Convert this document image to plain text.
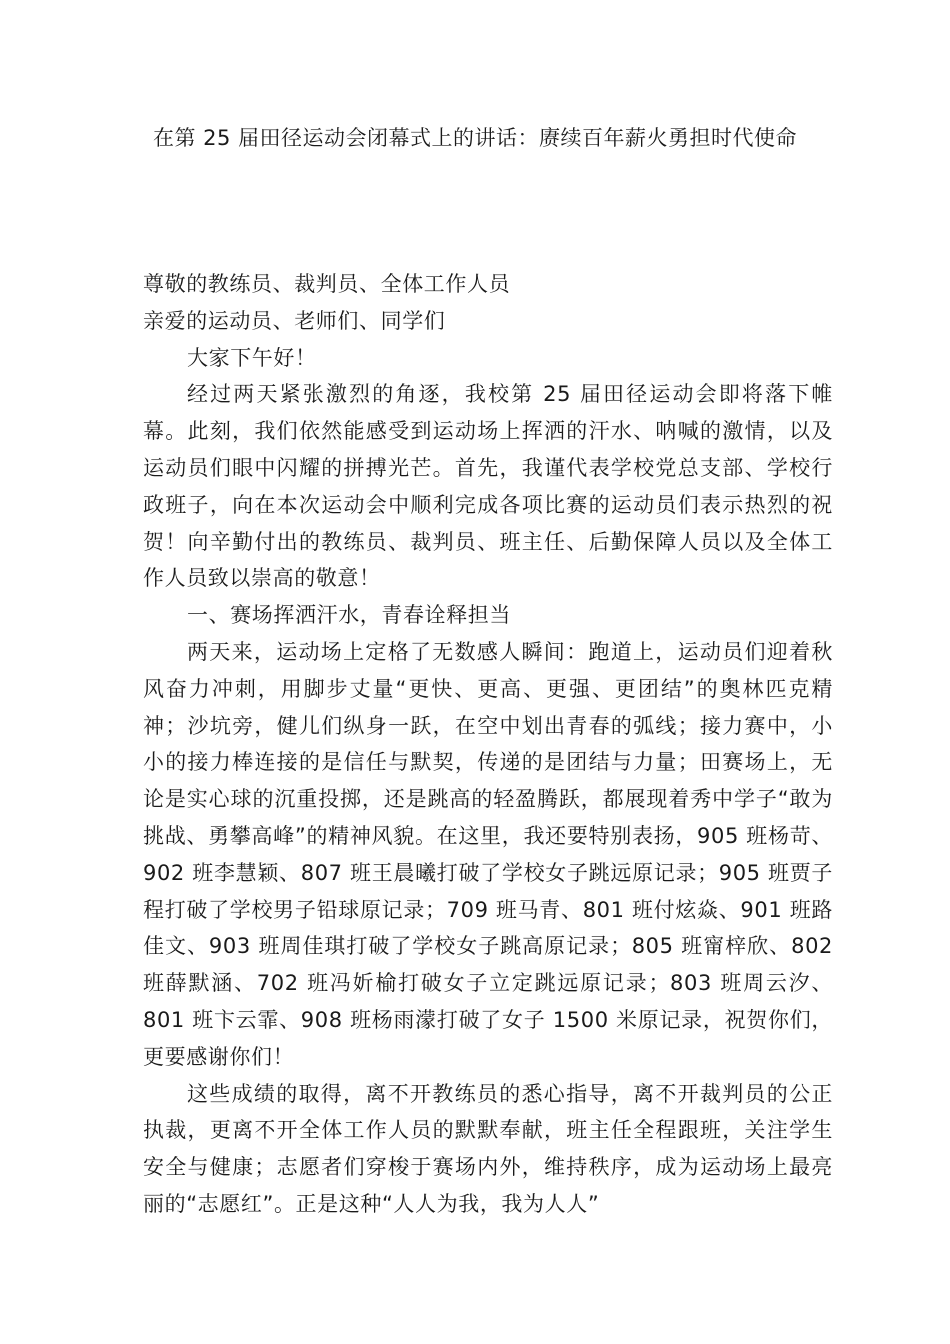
在第 25 届田径运动会闭幕式上的讲话：赓续百年薪火勇担时代使命

尊敬的教练员、裁判员、全体工作人员

亲爱的运动员、老师们、同学们

大家下午好！

经过两天紧张激烈的角逐，我校第 25 届田径运动会即将落下帷幕。此刻，我们依然能感受到运动场上挥洒的汗水、呐喊的激情，以及运动员们眼中闪耀的拼搏光芒。首先，我谨代表学校党总支部、学校行政班子，向在本次运动会中顺利完成各项比赛的运动员们表示热烈的祝贺！向辛勤付出的教练员、裁判员、班主任、后勤保障人员以及全体工作人员致以崇高的敬意！

一、赛场挥洒汗水，青春诠释担当

两天来，运动场上定格了无数感人瞬间：跑道上，运动员们迎着秋风奋力冲刺，用脚步丈量“更快、更高、更强、更团结”的奥林匹克精神；沙坑旁，健儿们纵身一跃，在空中划出青春的弧线；接力赛中，小小的接力棒连接的是信任与默契，传递的是团结与力量；田赛场上，无论是实心球的沉重投掷，还是跳高的轻盈腾跃，都展现着秀中学子“敢为挑战、勇攀高峰”的精神风貌。在这里，我还要特别表扬，905 班杨苛、902 班李慧颖、807 班王晨曦打破了学校女子跳远原记录；905 班贾子程打破了学校男子铅球原记录；709 班马青、801 班付炫焱、901 班路佳文、903 班周佳琪打破了学校女子跳高原记录；805 班甯梓欣、802 班薛默涵、702 班冯妡榆打破女子立定跳远原记录；803 班周云汐、801 班卞云霏、908 班杨雨濛打破了女子 1500 米原记录，祝贺你们，更要感谢你们！

这些成绩的取得，离不开教练员的悉心指导，离不开裁判员的公正执裁，更离不开全体工作人员的默默奉献，班主任全程跟班，关注学生安全与健康；志愿者们穿梭于赛场内外，维持秩序，成为运动场上最亮丽的“志愿红”。正是这种“人人为我，我为人人”
